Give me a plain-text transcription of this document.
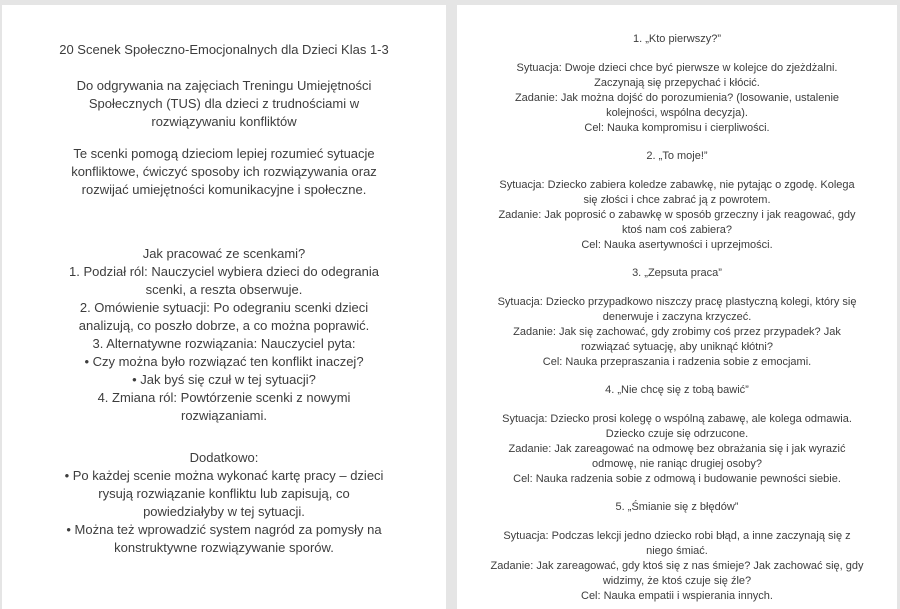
20 Scenek Społeczno-Emocjonalnych dla Dzieci Klas 1-3
Do odgrywania na zajęciach Treningu Umiejętności
Społecznych (TUS) dla dzieci z trudnościami w
rozwiązywaniu konfliktów
Te scenki pomogą dzieciom lepiej rozumieć sytuacje
konfliktowe, ćwiczyć sposoby ich rozwiązywania oraz
rozwijać umiejętności komunikacyjne i społeczne.
Jak pracować ze scenkami?
1. Podział ról: Nauczyciel wybiera dzieci do odegrania
scenki, a reszta obserwuje.
2. Omówienie sytuacji: Po odegraniu scenki dzieci
analizują, co poszło dobrze, a co można poprawić.
3. Alternatywne rozwiązania: Nauczyciel pyta:
• Czy można było rozwiązać ten konflikt inaczej?
• Jak byś się czuł w tej sytuacji?
4. Zmiana ról: Powtórzenie scenki z nowymi
rozwiązaniami.
Dodatkowo:
• Po każdej scenie można wykonać kartę pracy – dzieci
rysują rozwiązanie konfliktu lub zapisują, co
powiedziałyby w tej sytuacji.
• Można też wprowadzić system nagród za pomysły na
konstruktywne rozwiązywanie sporów.
1. „Kto pierwszy?”
Sytuacja: Dwoje dzieci chce być pierwsze w kolejce do zjeżdżalni.
Zaczynają się przepychać i kłócić.
Zadanie: Jak można dojść do porozumienia? (losowanie, ustalenie
kolejności, wspólna decyzja).
Cel: Nauka kompromisu i cierpliwości.
2. „To moje!”
Sytuacja: Dziecko zabiera koledze zabawkę, nie pytając o zgodę. Kolega
się złości i chce zabrać ją z powrotem.
Zadanie: Jak poprosić o zabawkę w sposób grzeczny i jak reagować, gdy
ktoś nam coś zabiera?
Cel: Nauka asertywności i uprzejmości.
3. „Zepsuta praca”
Sytuacja: Dziecko przypadkowo niszczy pracę plastyczną kolegi, który się
denerwuje i zaczyna krzyczeć.
Zadanie: Jak się zachować, gdy zrobimy coś przez przypadek? Jak
rozwiązać sytuację, aby uniknąć kłótni?
Cel: Nauka przepraszania i radzenia sobie z emocjami.
4. „Nie chcę się z tobą bawić”
Sytuacja: Dziecko prosi kolegę o wspólną zabawę, ale kolega odmawia.
Dziecko czuje się odrzucone.
Zadanie: Jak zareagować na odmowę bez obrażania się i jak wyrazić
odmowę, nie raniąc drugiej osoby?
Cel: Nauka radzenia sobie z odmową i budowanie pewności siebie.
5. „Śmianie się z błędów”
Sytuacja: Podczas lekcji jedno dziecko robi błąd, a inne zaczynają się z
niego śmiać.
Zadanie: Jak zareagować, gdy ktoś się z nas śmieje? Jak zachować się, gdy
widzimy, że ktoś czuje się źle?
Cel: Nauka empatii i wspierania innych.
